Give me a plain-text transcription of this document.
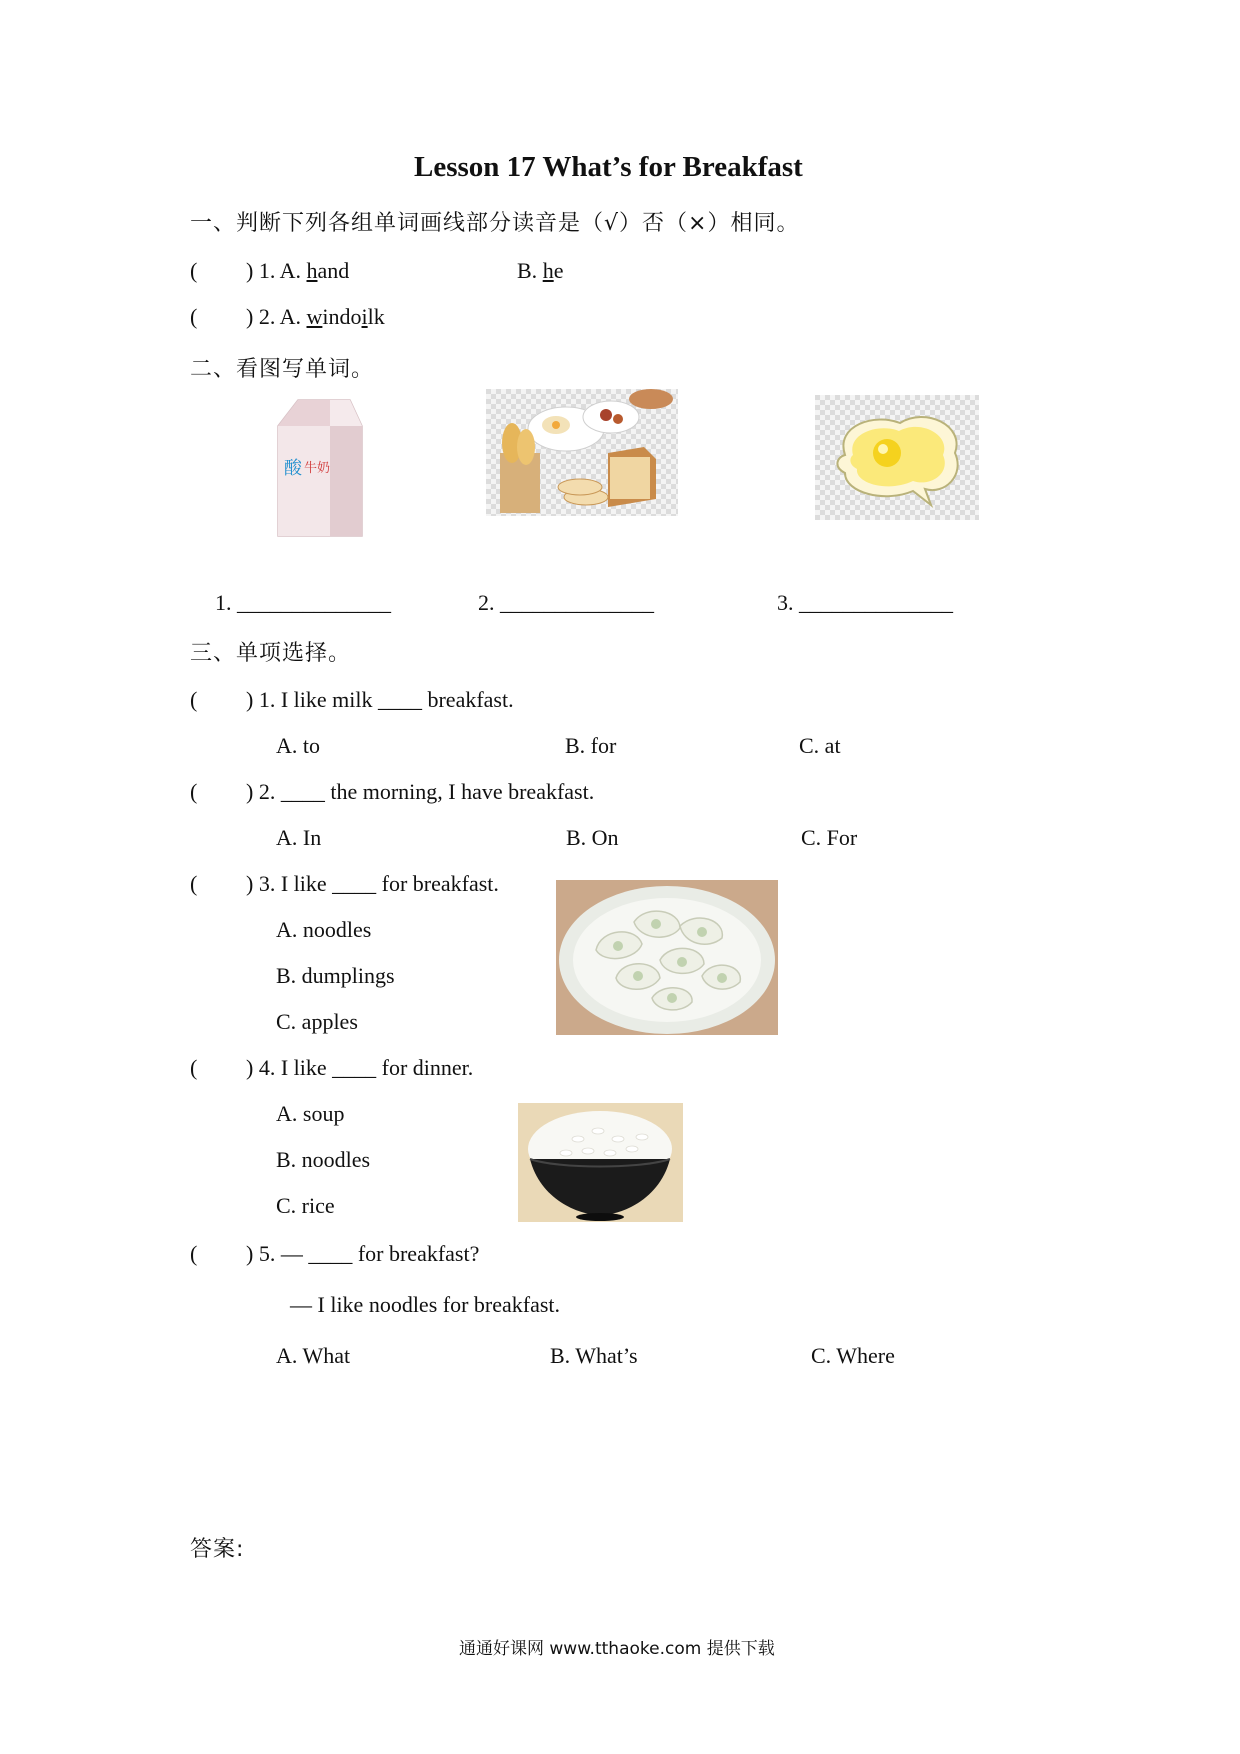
Lesson 17 What’s for Breakfast
一、判断下列各组单词画线部分读音是（√）否（×）相同。
( ) 1. A. hand	B. he
( ) 2. A. windoilk
二、看图写单词。
酸 牛奶
1. ______________	2. ______________	3. ______________
三、单项选择。
( ) 1. I like milk ____ breakfast.
A. to	B. for	C. at
( ) 2. ____ the morning, I have breakfast.
A. In	B. On	C. For
( ) 3. I like ____ for breakfast.
A. noodles
B. dumplings
C. apples
( ) 4. I like ____ for dinner.
A. soup
B. noodles
C. rice
( ) 5. — ____ for breakfast?
— I like noodles for breakfast.
A. What	B. What’s	C. Where
答案:
通通好课网 www.tthaoke.com 提供下载
